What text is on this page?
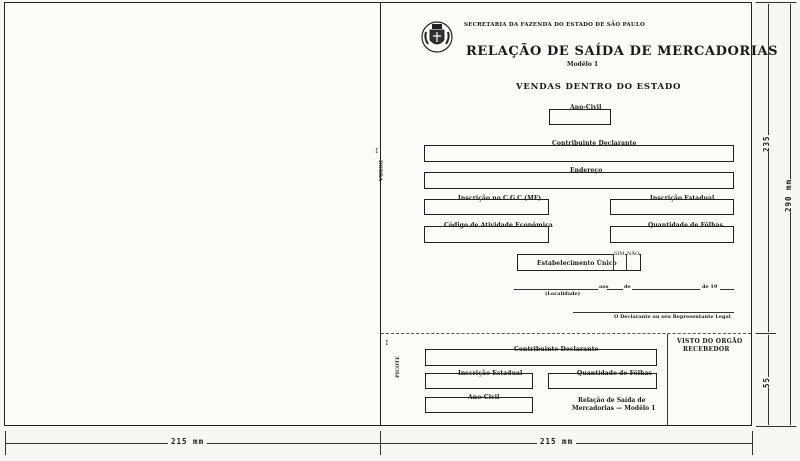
DOBRA
↕
PICOTE
↕
SECRETARIA DA FAZENDA DO ESTADO DE SÃO PAULO
RELAÇÃO DE SAÍDA DE MERCADORIAS
Modêlo 1
VENDAS DENTRO DO ESTADO
Ano-Civil
Contribuinte Declarante
Endereço
Inscrição no C.G.C.(MF)	Inscrição Estadual
Código de Atividade Econômica	Quantidade de Fôlhas
Estabelecimento Único
SIM NÃO
(Localidade)
aos	de	de 19
O Declarante ou seu Representante Legal
Contribuinte Declarante
Inscrição Estadual	Quantidade de Fôlhas
Ano-Civil	Relação de Saída de
Mercadorias — Modêlo 1
VISTO DO ORGÃO
RECEBEDOR
215 mm	215 mm
235
55
290 mm
